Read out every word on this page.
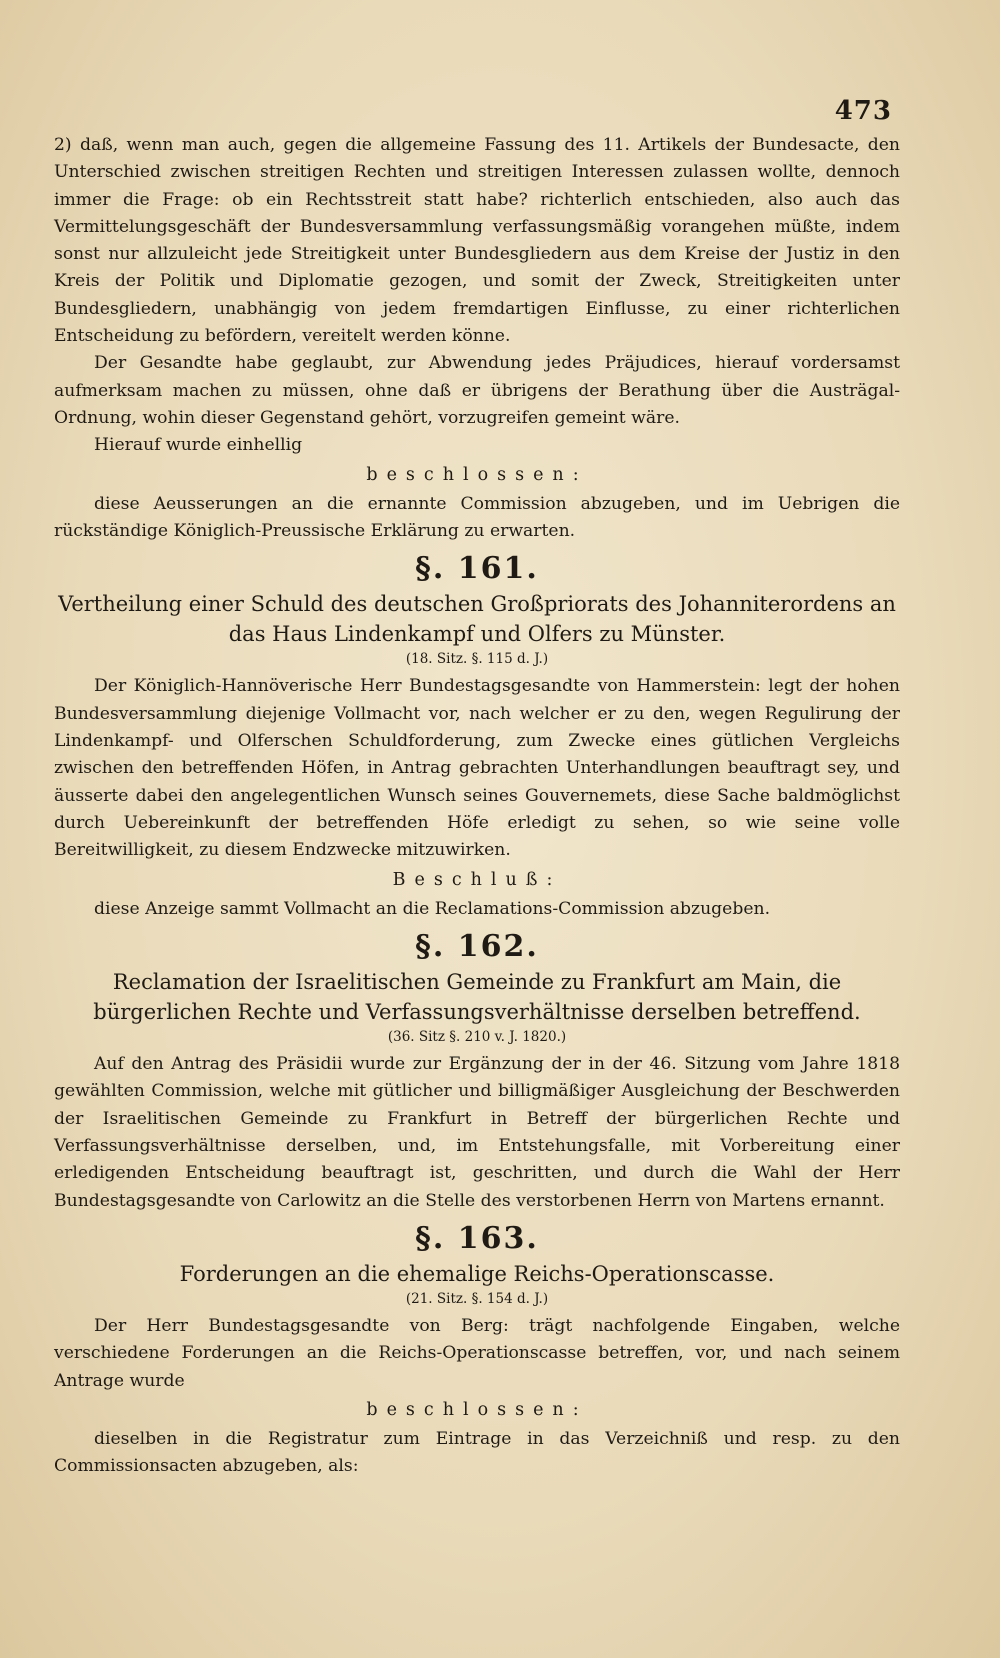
473

2) daß, wenn man auch, gegen die allgemeine Fassung des 11. Artikels der Bundesacte, den Unterschied zwischen streitigen Rechten und streitigen Interessen zulassen wollte, dennoch immer die Frage: ob ein Rechtsstreit statt habe? richterlich entschieden, also auch das Vermittelungsgeschäft der Bundesversammlung verfassungsmäßig vorangehen müßte, indem sonst nur allzuleicht jede Streitigkeit unter Bundesgliedern aus dem Kreise der Justiz in den Kreis der Politik und Diplomatie gezogen, und somit der Zweck, Streitigkeiten unter Bundesgliedern, unabhängig von jedem fremdartigen Einflusse, zu einer richterlichen Entscheidung zu befördern, vereitelt werden könne.

Der Gesandte habe geglaubt, zur Abwendung jedes Präjudices, hierauf vordersamst aufmerksam machen zu müssen, ohne daß er übrigens der Berathung über die Austrägal-Ordnung, wohin dieser Gegenstand gehört, vorzugreifen gemeint wäre.

Hierauf wurde einhellig

beschlossen:

diese Aeusserungen an die ernannte Commission abzugeben, und im Uebrigen die rückständige Königlich-Preussische Erklärung zu erwarten.

§. 161.
Vertheilung einer Schuld des deutschen Großpriorats des Johanniterordens an das Haus Lindenkampf und Olfers zu Münster.
(18. Sitz. §. 115 d. J.)

Der Königlich-Hannöverische Herr Bundestagsgesandte von Hammerstein: legt der hohen Bundesversammlung diejenige Vollmacht vor, nach welcher er zu den, wegen Regulirung der Lindenkampf- und Olferschen Schuldforderung, zum Zwecke eines gütlichen Vergleichs zwischen den betreffenden Höfen, in Antrag gebrachten Unterhandlungen beauftragt sey, und äusserte dabei den angelegentlichen Wunsch seines Gouvernemets, diese Sache baldmöglichst durch Uebereinkunft der betreffenden Höfe erledigt zu sehen, so wie seine volle Bereitwilligkeit, zu diesem Endzwecke mitzuwirken.

Beschluß:

diese Anzeige sammt Vollmacht an die Reclamations-Commission abzugeben.

§. 162.
Reclamation der Israelitischen Gemeinde zu Frankfurt am Main, die bürgerlichen Rechte und Verfassungsverhältnisse derselben betreffend.
(36. Sitz §. 210 v. J. 1820.)

Auf den Antrag des Präsidii wurde zur Ergänzung der in der 46. Sitzung vom Jahre 1818 gewählten Commission, welche mit gütlicher und billigmäßiger Ausgleichung der Beschwerden der Israelitischen Gemeinde zu Frankfurt in Betreff der bürgerlichen Rechte und Verfassungsverhältnisse derselben, und, im Entstehungsfalle, mit Vorbereitung einer erledigenden Entscheidung beauftragt ist, geschritten, und durch die Wahl der Herr Bundestagsgesandte von Carlowitz an die Stelle des verstorbenen Herrn von Martens ernannt.

§. 163.
Forderungen an die ehemalige Reichs-Operationscasse.
(21. Sitz. §. 154 d. J.)

Der Herr Bundestagsgesandte von Berg: trägt nachfolgende Eingaben, welche verschiedene Forderungen an die Reichs-Operationscasse betreffen, vor, und nach seinem Antrage wurde

beschlossen:

dieselben in die Registratur zum Eintrage in das Verzeichniß und resp. zu den Commissionsacten abzugeben, als:
